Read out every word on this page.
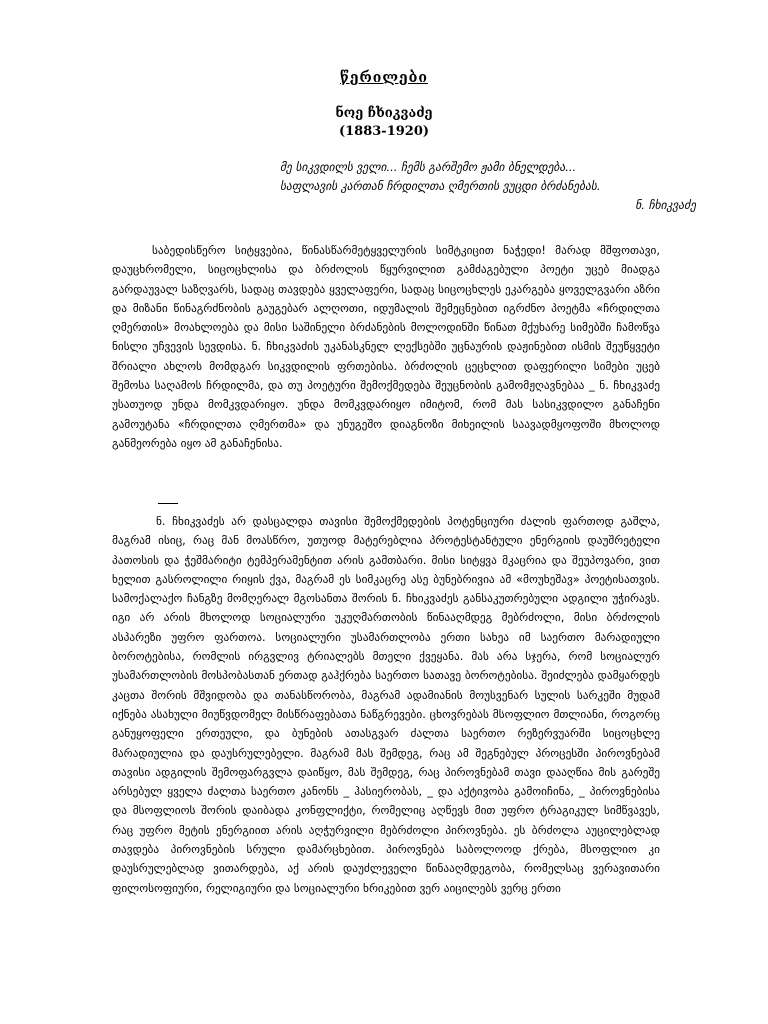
წერილები
ნოე ჩხიკვაძე
(1883-1920)
მე სიკვდილს ველი... ჩემს გარშემო ჟამი ბნელდება...
საფლავის კართან ჩრდილთა ღმერთის ვუცდი ბრძანებას.
ნ. ჩხიკვაძე
საბედისწერო სიტყვებია, წინასწარმეტყველურის სიმტკიცით ნაჭედი! მარად მშფოთავი, დაუცხრომელი, სიცოცხლისა და ბრძოლის წყურვილით გამძაგებული პოეტი უცებ მიადგა გარდაუვალ საზღვარს, სადაც თავდება ყველაფერი, სადაც სიცოცხლეს ეკარგება ყოველგვარი აზრი და მიზანი წინაგრძნობის გაუგებარ ალღოთი, იდუმალის შემეცნებით იგრძნო პოეტმა «ჩრდილთა ღმერთის» მოახლოება და მისი საშინელი ბრძანების მოლოდინში წინათ მქუხარე სიმებში ჩამოწვა ნისლი უჩვევის სევდისა. ნ. ჩხიკვაძის უკანასკნელ ლექსებში უცნაურის დაჟინებით ისმის შეუწყვეტი შრიალი ახლოს მომდგარ სიკვდილის ფრთებისა. ბრძოლის ცეცხლით დაფერილი სიმები უცებ შემოსა საღამოს ჩრდილმა, და თუ პოეტური შემოქმედება შეუცნობის გამომჟღავნებაა _ ნ. ჩხიკვაძე უსათუოდ უნდა მომკვდარიყო. უნდა მომკვდარიყო იმიტომ, რომ მას სასიკვდილო განაჩენი გამოუტანა «ჩრდილთა ღმერთმა» და უნუგეშო დიაგნოზი მიხეილის საავადმყოფოში მხოლოდ განმეორება იყო ამ განაჩენისა.
ნ. ჩხიკვაძეს არ დასცალდა თავისი შემოქმედების პოტენციური ძალის ფართოდ გაშლა, მაგრამ ისიც, რაც მან მოასწრო, უთუოდ მატერებლია პროტესტანტული ენერგიის დაუშრეტელი პათოსის და ჭეშმარიტი ტემპერამენტით არის გამთბარი. მისი სიტყვა მკაცრია და შეუპოვარი, ვით ხელით გასროლილი რიყის ქვა, მაგრამ ეს სიმკაცრე ასე ბუნებრივია ამ «მოუხეშავ» პოეტისათვის. სამოქალაქო ჩანგზე მომღერალ მგოსანთა შორის ნ. ჩხიკვაძეს განსაკუთრებული ადგილი უჭირავს. იგი არ არის მხოლოდ სოციალური უკუღმართობის წინააღმდეგ მებრძოლი, მისი ბრძოლის ასპარეზი უფრო ფართოა. სოციალური უსამართლობა ერთი სახეა იმ საერთო მარადიული ბოროტებისა, რომლის ირგვლივ ტრიალებს მთელი ქვეყანა. მას არა სჯერა, რომ სოციალურ უსამართლობის მოსპობასთან ერთად გაჰქრება საერთო სათავე ბოროტებისა. შეიძლება დამყარდეს კაცთა შორის მშვიდობა და თანასწორობა, მაგრამ ადამიანის მოუსვენარ სულის სარკეში მუდამ იქნება ასახული მიუწვდომელ მისწრაფებათა ნაწგრევები. ცხოვრებას მსოფლიო მთლიანი, როგორც განუყოფელი ერთეული, და ბუნების ათასგვარ ძალთა საერთო რეზერვუარში სიცოცხლე მარადიულია და დაუსრულებელი. მაგრამ მას შემდეგ, რაც ამ შეგნებულ პროცესში პიროვნებამ თავისი ადგილის შემოფარგვლა დაიწყო, მას შემდეგ, რაც პიროვნებამ თავი დააღწია მის გარეშე არსებულ ყველა ძალთა საერთო კანონს _ ჰასიერობას, _ და აქტივობა გამოიჩინა, _ პიროვნებისა და მსოფლიოს შორის დაიბადა კონფლიქტი, რომელიც აღწევს მით უფრო ტრაგიკულ სიმწვავეს, რაც უფრო მეტის ენერგიით არის აღჭურვილი მებრძოლი პიროვნება. ეს ბრძოლა აუცილებლად თავდება პიროვნების სრული დამარცხებით. პიროვნება საბოლოოდ ქრება, მსოფლიო კი დაუსრულებლად ვითარდება, აქ არის დაუძლეველი წინააღმდეგობა, რომელსაც ვერავითარი ფილოსოფიური, რელიგიური და სოციალური ხრიკებით ვერ აიცილებს ვერც ერთი
